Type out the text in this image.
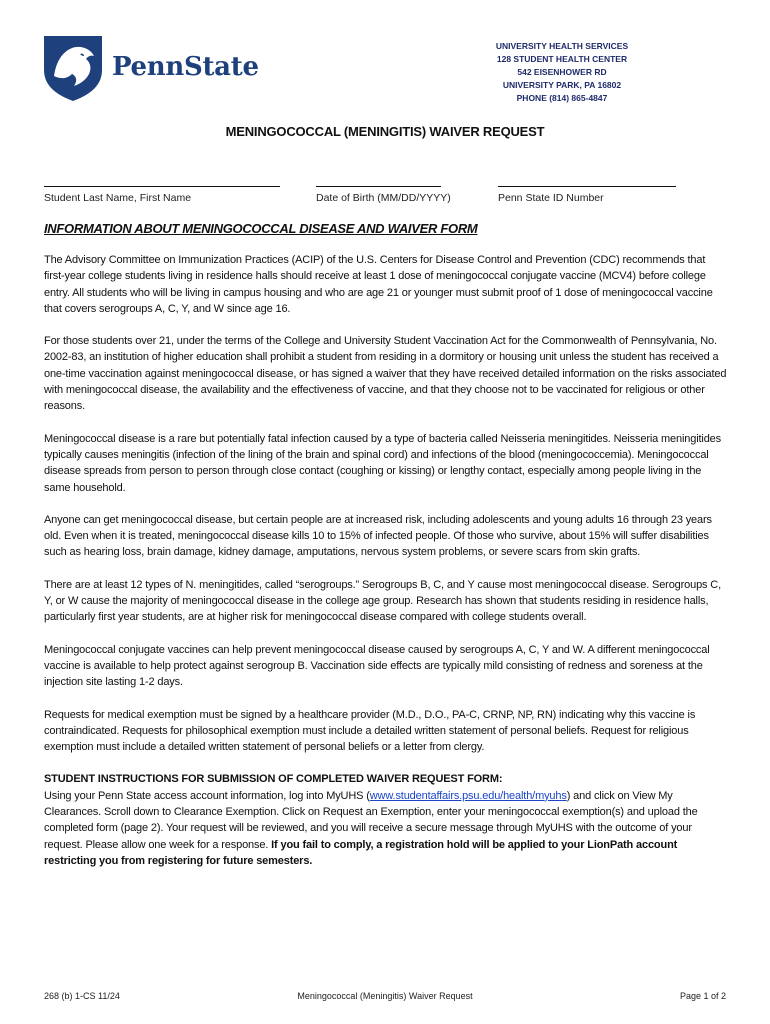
PennState
UNIVERSITY HEALTH SERVICES
128 STUDENT HEALTH CENTER
542 EISENHOWER RD
UNIVERSITY PARK, PA 16802
PHONE (814) 865-4847
MENINGOCOCCAL (MENINGITIS) WAIVER REQUEST
Student Last Name, First Name	Date of Birth (MM/DD/YYYY)	Penn State ID Number
INFORMATION ABOUT MENINGOCOCCAL DISEASE AND WAIVER FORM

The Advisory Committee on Immunization Practices (ACIP) of the U.S. Centers for Disease Control and Prevention (CDC) recommends that first-year college students living in residence halls should receive at least 1 dose of meningococcal conjugate vaccine (MCV4) before college entry. All students who will be living in campus housing and who are age 21 or younger must submit proof of 1 dose of meningococcal vaccine that covers serogroups A, C, Y, and W since age 16.

For those students over 21, under the terms of the College and University Student Vaccination Act for the Commonwealth of Pennsylvania, No. 2002-83, an institution of higher education shall prohibit a student from residing in a dormitory or housing unit unless the student has received a one-time vaccination against meningococcal disease, or has signed a waiver that they have received detailed information on the risks associated with meningococcal disease, the availability and the effectiveness of vaccine, and that they choose not to be vaccinated for religious or other reasons.

Meningococcal disease is a rare but potentially fatal infection caused by a type of bacteria called Neisseria meningitides. Neisseria meningitides typically causes meningitis (infection of the lining of the brain and spinal cord) and infections of the blood (meningococcemia). Meningococcal disease spreads from person to person through close contact (coughing or kissing) or lengthy contact, especially among people living in the same household.

Anyone can get meningococcal disease, but certain people are at increased risk, including adolescents and young adults 16 through 23 years old. Even when it is treated, meningococcal disease kills 10 to 15% of infected people. Of those who survive, about 15% will suffer disabilities such as hearing loss, brain damage, kidney damage, amputations, nervous system problems, or severe scars from skin grafts.

There are at least 12 types of N. meningitides, called “serogroups.” Serogroups B, C, and Y cause most meningococcal disease. Serogroups C, Y, or W cause the majority of meningococcal disease in the college age group. Research has shown that students residing in residence halls, particularly first year students, are at higher risk for meningococcal disease compared with college students overall.

Meningococcal conjugate vaccines can help prevent meningococcal disease caused by serogroups A, C, Y and W. A different meningococcal vaccine is available to help protect against serogroup B. Vaccination side effects are typically mild consisting of redness and soreness at the injection site lasting 1-2 days.

Requests for medical exemption must be signed by a healthcare provider (M.D., D.O., PA-C, CRNP, NP, RN) indicating why this vaccine is contraindicated. Requests for philosophical exemption must include a detailed written statement of personal beliefs. Request for religious exemption must include a detailed written statement of personal beliefs or a letter from clergy.

STUDENT INSTRUCTIONS FOR SUBMISSION OF COMPLETED WAIVER REQUEST FORM:
Using your Penn State access account information, log into MyUHS (www.studentaffairs.psu.edu/health/myuhs) and click on View My Clearances. Scroll down to Clearance Exemption. Click on Request an Exemption, enter your meningococcal exemption(s) and upload the completed form (page 2). Your request will be reviewed, and you will receive a secure message through MyUHS with the outcome of your request. Please allow one week for a response. If you fail to comply, a registration hold will be applied to your LionPath account restricting you from registering for future semesters.

268 (b) 1-CS 11/24	Meningococcal (Meningitis) Waiver Request	Page 1 of 2
